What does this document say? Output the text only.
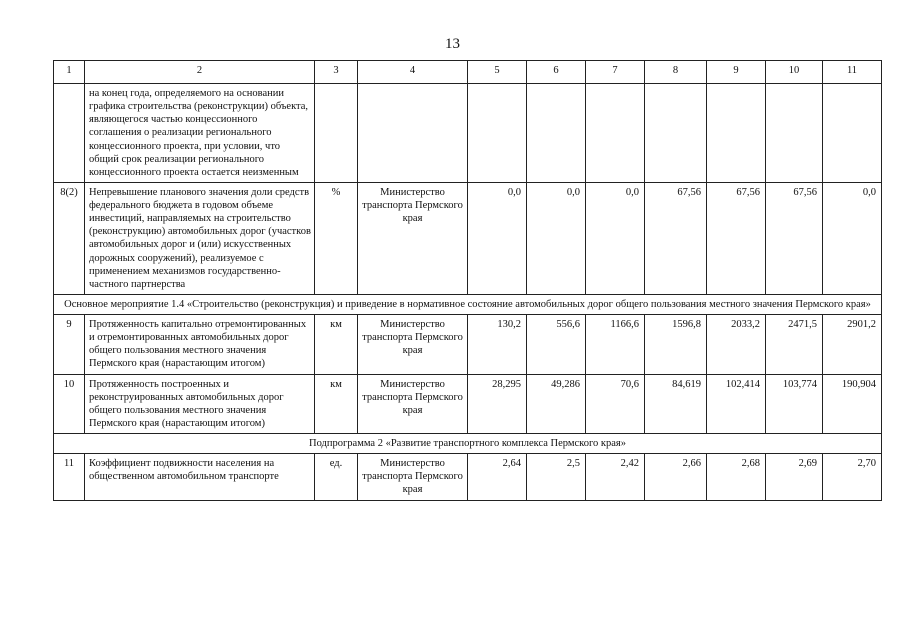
13
1	2	3	4	5	6	7	8	9	10	11
	на конец года, определяемого на основании графика строительства (реконструкции) объекта, являющегося частью концессионного соглашения о реализации регионального концессионного проекта, при условии, что общий срок реализации регионального концессионного проекта остается неизменным									
8(2)	Непревышение планового значения доли средств федерального бюджета в годовом объеме инвестиций, направляемых на строительство (реконструкцию) автомобильных дорог (участков автомобильных дорог и (или) искусственных дорожных сооружений), реализуемое с применением механизмов государственно-частного партнерства	%	Министерство транспорта Пермского края	0,0	0,0	0,0	67,56	67,56	67,56	0,0
Основное мероприятие 1.4 «Строительство (реконструкция) и приведение в нормативное состояние автомобильных дорог общего пользования местного значения Пермского края»										
9	Протяженность капитально отремонтированных и отремонтированных автомобильных дорог общего пользования местного значения Пермского края (нарастающим итогом)	км	Министерство транспорта Пермского края	130,2	556,6	1166,6	1596,8	2033,2	2471,5	2901,2
10	Протяженность построенных и реконструированных автомобильных дорог общего пользования местного значения Пермского края (нарастающим итогом)	км	Министерство транспорта Пермского края	28,295	49,286	70,6	84,619	102,414	103,774	190,904
Подпрограмма 2 «Развитие транспортного комплекса Пермского края»										
11	Коэффициент подвижности населения на общественном автомобильном транспорте	ед.	Министерство транспорта Пермского края	2,64	2,5	2,42	2,66	2,68	2,69	2,70
